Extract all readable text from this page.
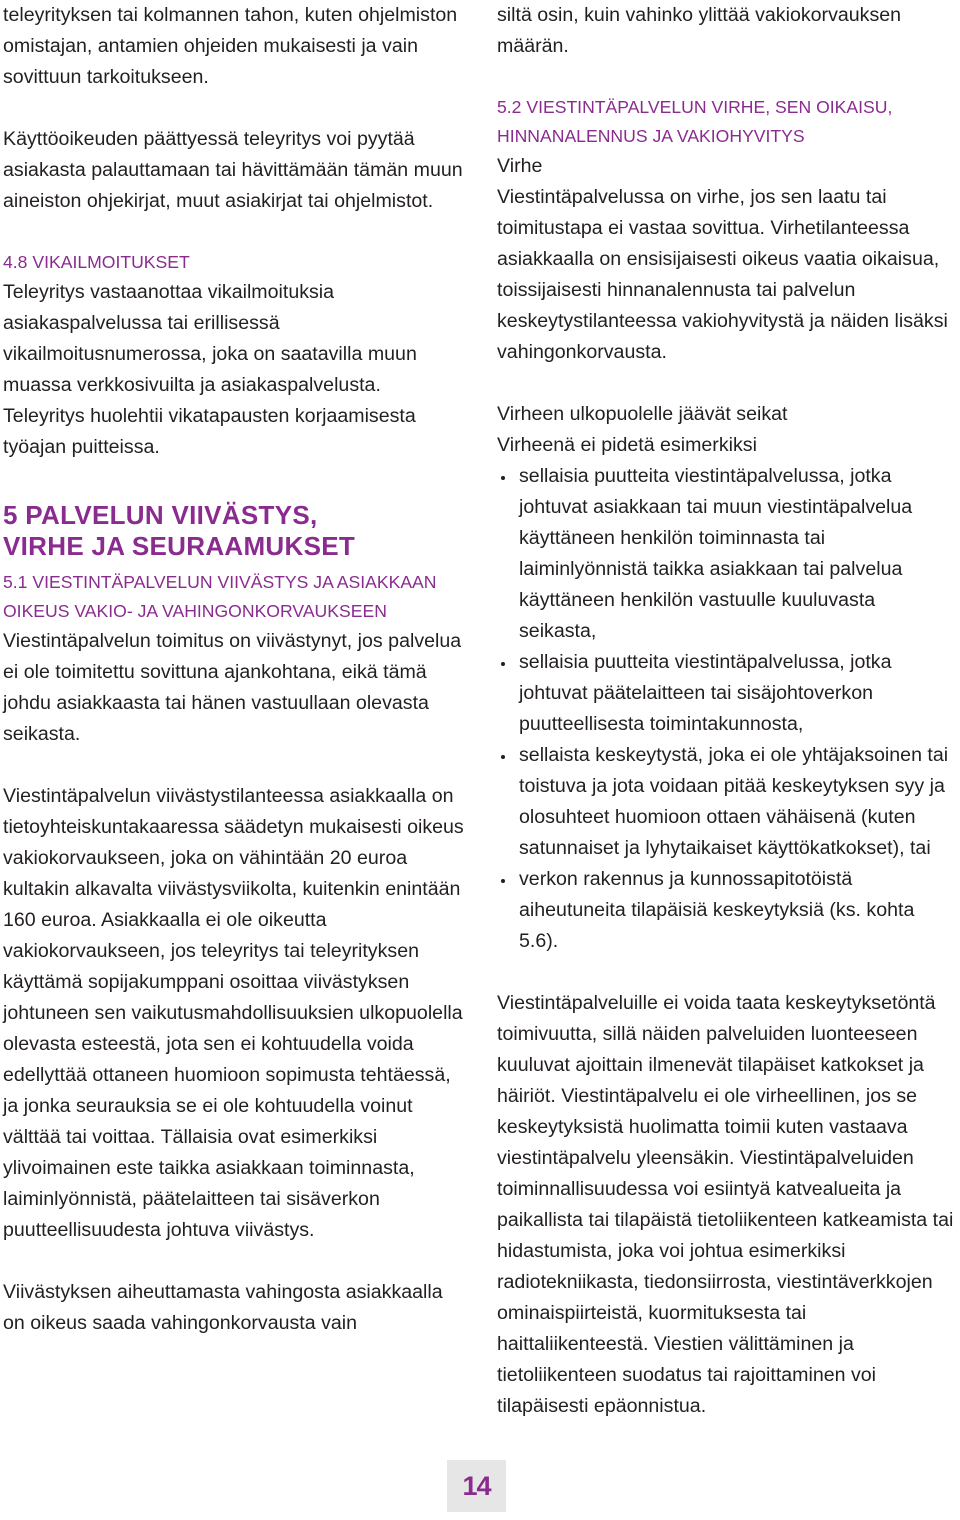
teleyrityksen tai kolmannen tahon, kuten ohjelmiston omistajan, antamien ohjeiden mukaisesti ja vain sovittuun tarkoitukseen.

Käyttöoikeuden päättyessä teleyritys voi pyytää asiakasta palauttamaan tai hävittämään tämän muun aineiston ohjekirjat, muut asiakirjat tai ohjelmistot.

4.8 VIKAILMOITUKSET

Teleyritys vastaanottaa vikailmoituksia asiakaspalvelussa tai erillisessä vikailmoitusnumerossa, joka on saatavilla muun muassa verkkosivuilta ja asiakaspalvelusta. Teleyritys huolehtii vikatapausten korjaamisesta työajan puitteissa.

5 PALVELUN VIIVÄSTYS,
VIRHE JA SEURAAMUKSET

5.1 VIESTINTÄPALVELUN VIIVÄSTYS JA ASIAKKAAN OIKEUS VAKIO- JA VAHINGONKORVAUKSEEN

Viestintäpalvelun toimitus on viivästynyt, jos palvelua ei ole toimitettu sovittuna ajankohtana, eikä tämä johdu asiakkaasta tai hänen vastuullaan olevasta seikasta.

Viestintäpalvelun viivästystilanteessa asiakkaalla on tietoyhteiskuntakaaressa säädetyn mukaisesti oikeus vakiokorvaukseen, joka on vähintään 20 euroa kultakin alkavalta viivästysviikolta, kuitenkin enintään 160 euroa. Asiakkaalla ei ole oikeutta vakiokorvaukseen, jos teleyritys tai teleyrityksen käyttämä sopijakumppani osoittaa viivästyksen johtuneen sen vaikutusmahdollisuuksien ulkopuolella olevasta esteestä, jota sen ei kohtuudella voida edellyttää ottaneen huomioon sopimusta tehtäessä, ja jonka seurauksia se ei ole kohtuudella voinut välttää tai voittaa. Tällaisia ovat esimerkiksi ylivoimainen este taikka asiakkaan toiminnasta, laiminlyönnistä, päätelaitteen tai sisäverkon puutteellisuudesta johtuva viivästys.

Viivästyksen aiheuttamasta vahingosta asiakkaalla on oikeus saada vahingonkorvausta vain

siltä osin, kuin vahinko ylittää vakiokorvauksen määrän.

5.2 VIESTINTÄPALVELUN VIRHE, SEN OIKAISU, HINNANALENNUS JA VAKIOHYVITYS

Virhe

Viestintäpalvelussa on virhe, jos sen laatu tai toimitustapa ei vastaa sovittua. Virhetilanteessa asiakkaalla on ensisijaisesti oikeus vaatia oikaisua, toissijaisesti hinnanalennusta tai palvelun keskeytystilanteessa vakiohyvitystä ja näiden lisäksi vahingonkorvausta.

Virheen ulkopuolelle jäävät seikat

Virheenä ei pidetä esimerkiksi

sellaisia puutteita viestintäpalvelussa, jotka johtuvat asiakkaan tai muun viestintäpalvelua käyttäneen henkilön toiminnasta tai laiminlyönnistä taikka asiakkaan tai palvelua käyttäneen henkilön vastuulle kuuluvasta seikasta,
sellaisia puutteita viestintäpalvelussa, jotka johtuvat päätelaitteen tai sisäjohtoverkon puutteellisesta toimintakunnosta,
sellaista keskeytystä, joka ei ole yhtäjaksoinen tai toistuva ja jota voidaan pitää keskeytyksen syy ja olosuhteet huomioon ottaen vähäisenä (kuten satunnaiset ja lyhytaikaiset käyttökatkokset), tai
verkon rakennus ja kunnossapitotöistä aiheutuneita tilapäisiä keskeytyksiä (ks. kohta 5.6).

Viestintäpalveluille ei voida taata keskeytyksetöntä toimivuutta, sillä näiden palveluiden luonteeseen kuuluvat ajoittain ilmenevät tilapäiset katkokset ja häiriöt. Viestintäpalvelu ei ole virheellinen, jos se keskeytyksistä huolimatta toimii kuten vastaava viestintäpalvelu yleensäkin. Viestintäpalveluiden toiminnallisuudessa voi esiintyä katvealueita ja paikallista tai tilapäistä tietoliikenteen katkeamista tai hidastumista, joka voi johtua esimerkiksi radiotekniikasta, tiedonsiirrosta, viestintäverkkojen ominaispiirteistä, kuormituksesta tai haittaliikenteestä. Viestien välittäminen ja tietoliikenteen suodatus tai rajoittaminen voi tilapäisesti epäonnistua.

14
